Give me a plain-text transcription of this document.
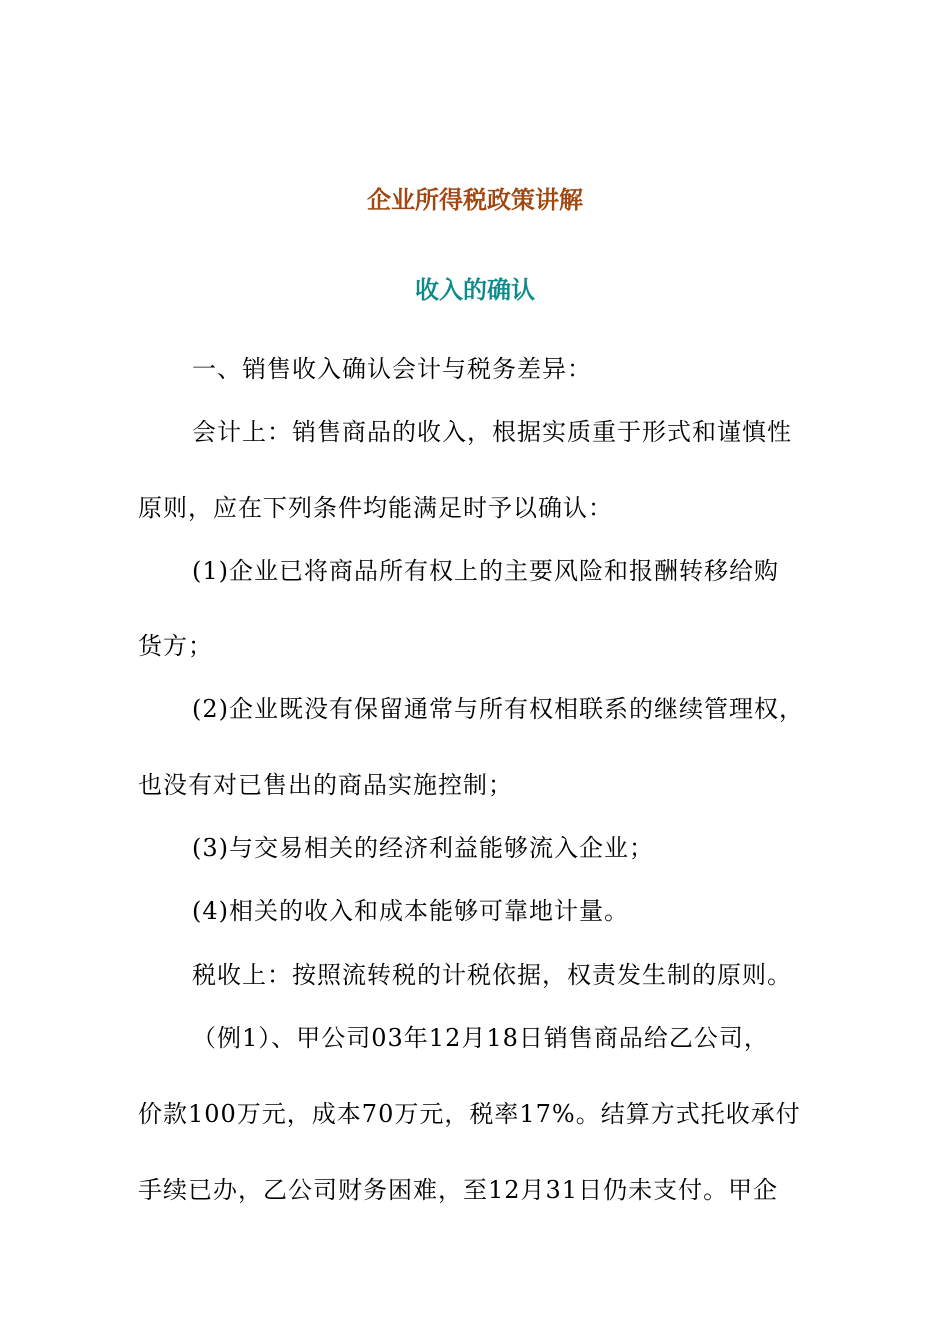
企业所得税政策讲解
收入的确认
一、销售收入确认会计与税务差异：
会计上：销售商品的收入，根据实质重于形式和谨慎性
原则，应在下列条件均能满足时予以确认：
(1)企业已将商品所有权上的主要风险和报酬转移给购
货方；
(2)企业既没有保留通常与所有权相联系的继续管理权，
也没有对已售出的商品实施控制；
(3)与交易相关的经济利益能够流入企业；
(4)相关的收入和成本能够可靠地计量。
税收上：按照流转税的计税依据，权责发生制的原则。
（例1）、甲公司03年12月18日销售商品给乙公司，
价款100万元，成本70万元，税率17%。结算方式托收承付
手续已办，乙公司财务困难，至12月31日仍未支付。甲企
